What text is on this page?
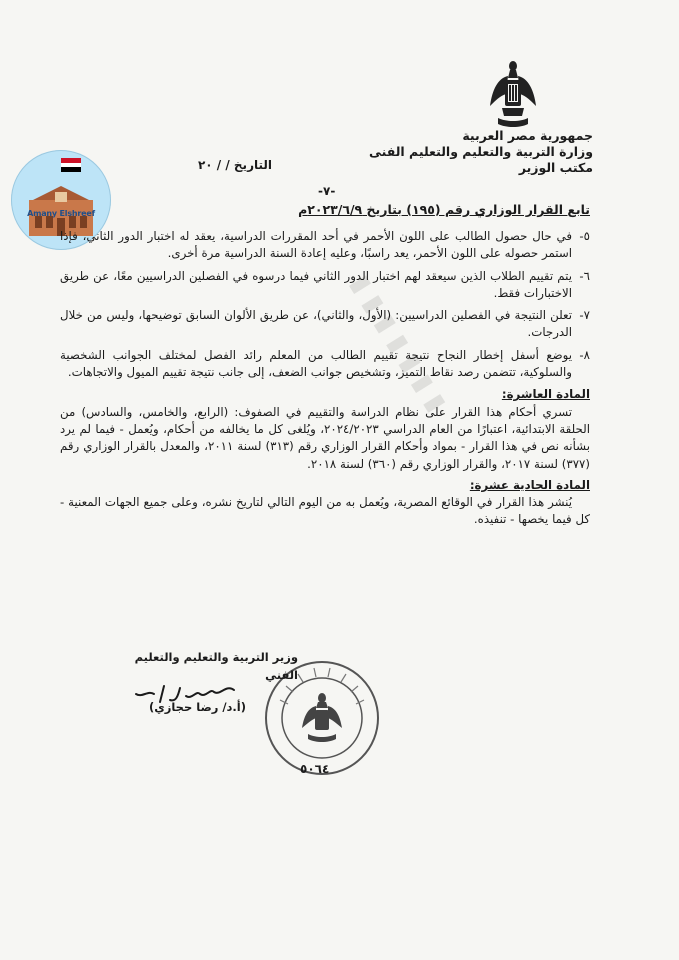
جمهورية مصر العربية
وزارة التربية والتعليم والتعليم الفنى
مكتب الوزير
التاريخ / / ٢٠
Amany Elshreef
-٧-
تابع القرار الوزاري رقم (١٩٥) بتاريخ ٢٠٢٣/٦/٩م
▮ ▮ ▮ ▮ ▮ ▮ ▮

٥-
في حال حصول الطالب على اللون الأحمر في أحد المقررات الدراسية، يعقد له اختبار الدور الثاني، فإذا استمر حصوله على اللون الأحمر، يعد راسبًا، وعليه إعادة السنة الدراسية مرة أخرى.

٦-
يتم تقييم الطلاب الذين سيعقد لهم اختبار الدور الثاني فيما درسوه في الفصلين الدراسيين معًا، عن طريق الاختبارات فقط.

٧-
تعلن النتيجة في الفصلين الدراسيين: (الأول، والثاني)، عن طريق الألوان السابق توضيحها، وليس من خلال الدرجات.

٨-
يوضع أسفل إخطار النجاح نتيجة تقييم الطالب من المعلم رائد الفصل لمختلف الجوانب الشخصية والسلوكية، تتضمن رصد نقاط التميز، وتشخيص جوانب الضعف، إلى جانب نتيجة تقييم الميول والاتجاهات.

المادة العاشرة:

تسري أحكام هذا القرار على نظام الدراسة والتقييم في الصفوف: (الرابع، والخامس، والسادس) من الحلقة الابتدائية، اعتبارًا من العام الدراسي ٢٠٢٤/٢٠٢٣، ويُلغى كل ما يخالفه من أحكام، ويُعمل - فيما لم يرد بشأنه نص في هذا القرار - بمواد وأحكام القرار الوزاري رقم (٣١٣) لسنة ٢٠١١، والمعدل بالقرار الوزاري رقم (٣٧٧) لسنة ٢٠١٧، والقرار الوزاري رقم (٣٦٠) لسنة ٢٠١٨.

المادة الحادية عشرة:

يُنشر هذا القرار في الوقائع المصرية، ويُعمل به من اليوم التالي لتاريخ نشره، وعلى جميع الجهات المعنية - كل فيما يخصها - تنفيذه.

٥٠٦٤
وزير التربية والتعليم والتعليم الفني
(أ.د/ رضا حجازي)
